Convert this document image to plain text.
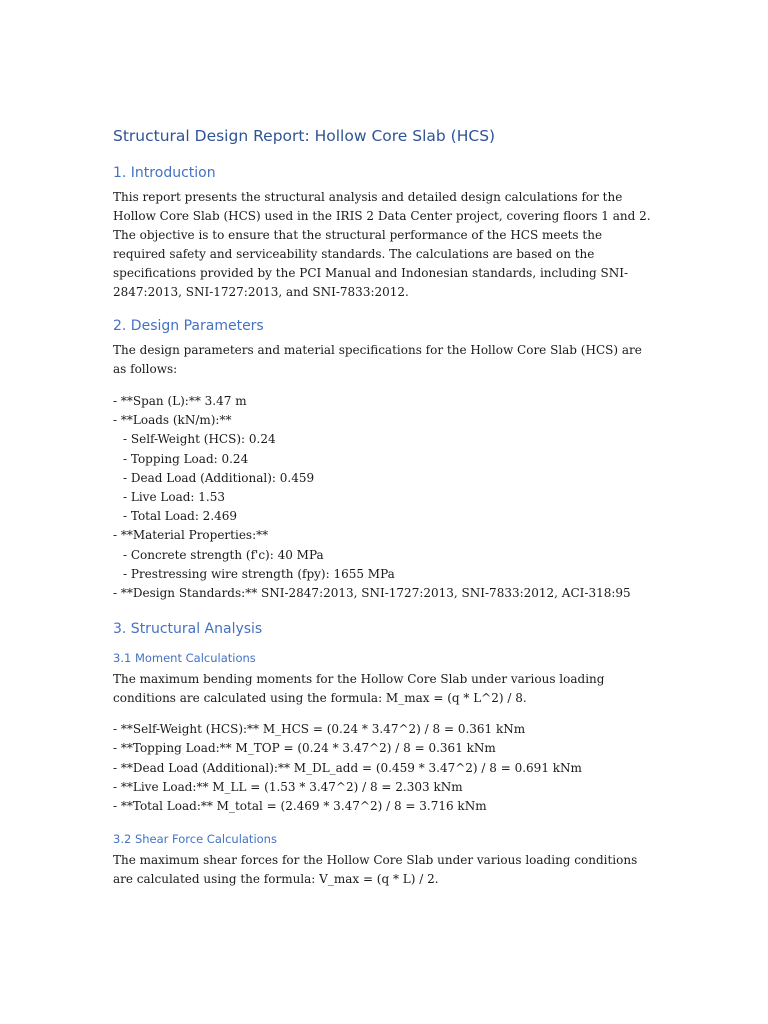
Structural Design Report: Hollow Core Slab (HCS)
1. Introduction

This report presents the structural analysis and detailed design calculations for the Hollow Core Slab (HCS) used in the IRIS 2 Data Center project, covering floors 1 and 2. The objective is to ensure that the structural performance of the HCS meets the required safety and serviceability standards. The calculations are based on the specifications provided by the PCI Manual and Indonesian standards, including SNI-2847:2013, SNI-1727:2013, and SNI-7833:2012.

2. Design Parameters

The design parameters and material specifications for the Hollow Core Slab (HCS) are as follows:

- **Span (L):** 3.47 m
- **Loads (kN/m):**
- Self-Weight (HCS): 0.24
- Topping Load: 0.24
- Dead Load (Additional): 0.459
- Live Load: 1.53
- Total Load: 2.469
- **Material Properties:**
- Concrete strength (f'c): 40 MPa
- Prestressing wire strength (fpy): 1655 MPa
- **Design Standards:** SNI-2847:2013, SNI-1727:2013, SNI-7833:2012, ACI-318:95
3. Structural Analysis
3.1 Moment Calculations

The maximum bending moments for the Hollow Core Slab under various loading conditions are calculated using the formula: M_max = (q * L^2) / 8.

- **Self-Weight (HCS):** M_HCS = (0.24 * 3.47^2) / 8 = 0.361 kNm
- **Topping Load:** M_TOP = (0.24 * 3.47^2) / 8 = 0.361 kNm
- **Dead Load (Additional):** M_DL_add = (0.459 * 3.47^2) / 8 = 0.691 kNm
- **Live Load:** M_LL = (1.53 * 3.47^2) / 8 = 2.303 kNm
- **Total Load:** M_total = (2.469 * 3.47^2) / 8 = 3.716 kNm
3.2 Shear Force Calculations

The maximum shear forces for the Hollow Core Slab under various loading conditions are calculated using the formula: V_max = (q * L) / 2.
